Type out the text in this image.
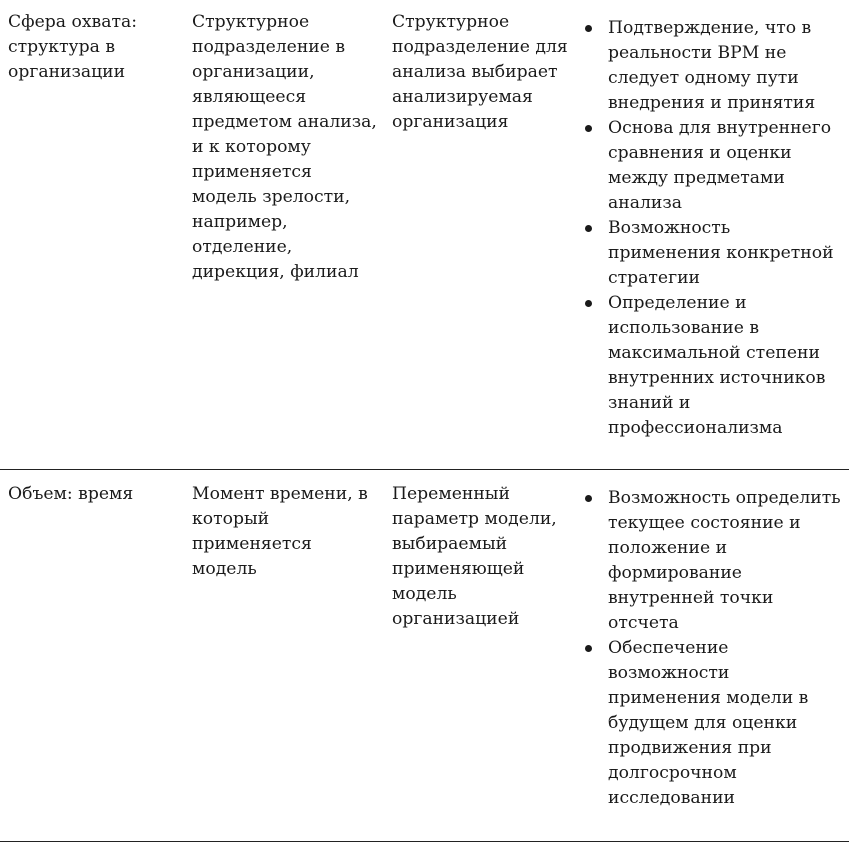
Сфера охвата: структура в организации
Структурное подразделение в организации, являющееся предметом анализа, и к которому применяется модель зрелости, например, отделение, дирекция, филиал
Структурное подразделение для анализа выбирает анализируемая организация
Подтверждение, что в реальности BPM не следует одному пути внедрения и принятия
Основа для внутреннего сравнения и оценки между предметами анализа
Возможность применения конкретной стратегии
Определение и использование в максимальной степени внутренних источников знаний и профессионализма
Объем: время	Момент времени, в который применяется модель
Переменный параметр модели, выбираемый применяющей модель организацией
Возможность определить текущее состояние и положение и формирование внутренней точки отсчета
Обеспечение возможности применения модели в будущем для оценки продвижения при долгосрочном исследовании
